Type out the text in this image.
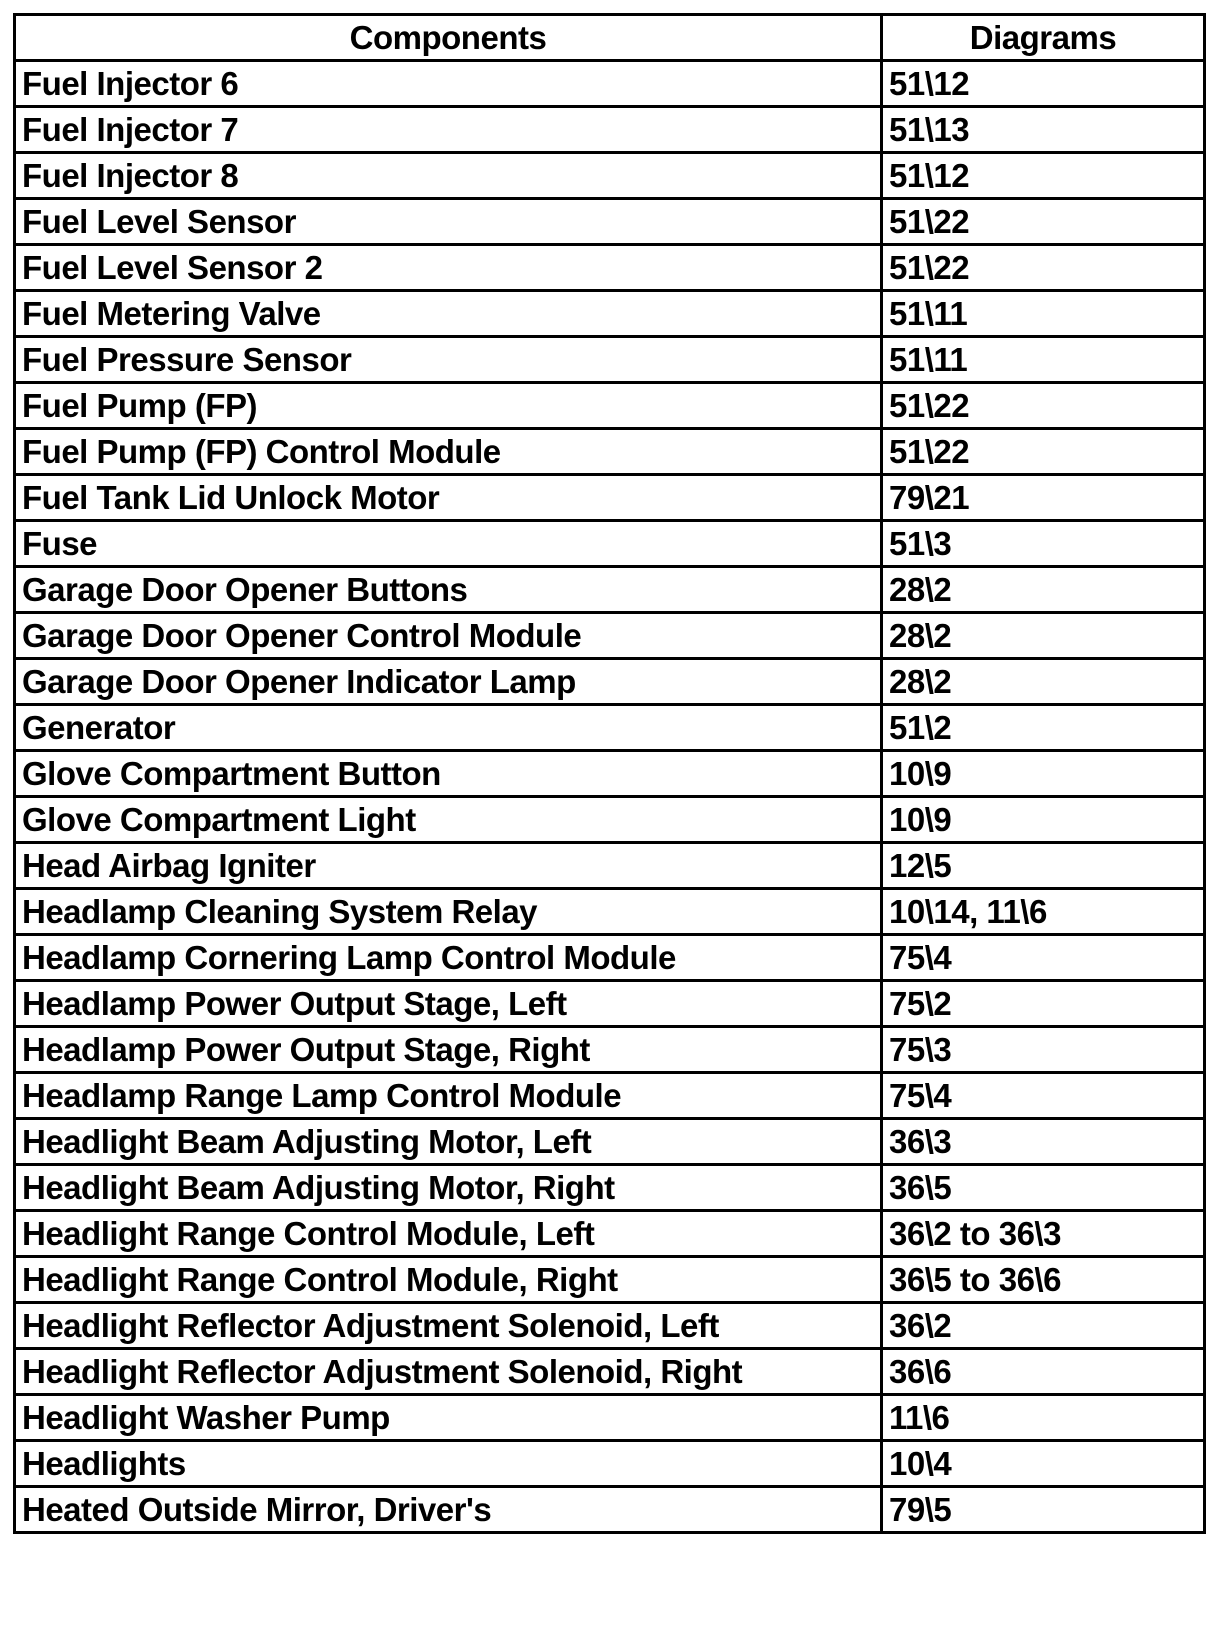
Components	Diagrams
Fuel Injector 6	51\12
Fuel Injector 7	51\13
Fuel Injector 8	51\12
Fuel Level Sensor	51\22
Fuel Level Sensor 2	51\22
Fuel Metering Valve	51\11
Fuel Pressure Sensor	51\11
Fuel Pump (FP)	51\22
Fuel Pump (FP) Control Module	51\22
Fuel Tank Lid Unlock Motor	79\21
Fuse	51\3
Garage Door Opener Buttons	28\2
Garage Door Opener Control Module	28\2
Garage Door Opener Indicator Lamp	28\2
Generator	51\2
Glove Compartment Button	10\9
Glove Compartment Light	10\9
Head Airbag Igniter	12\5
Headlamp Cleaning System Relay	10\14, 11\6
Headlamp Cornering Lamp Control Module	75\4
Headlamp Power Output Stage, Left	75\2
Headlamp Power Output Stage, Right	75\3
Headlamp Range Lamp Control Module	75\4
Headlight Beam Adjusting Motor, Left	36\3
Headlight Beam Adjusting Motor, Right	36\5
Headlight Range Control Module, Left	36\2 to 36\3
Headlight Range Control Module, Right	36\5 to 36\6
Headlight Reflector Adjustment Solenoid, Left	36\2
Headlight Reflector Adjustment Solenoid, Right	36\6
Headlight Washer Pump	11\6
Headlights	10\4
Heated Outside Mirror, Driver's	79\5
